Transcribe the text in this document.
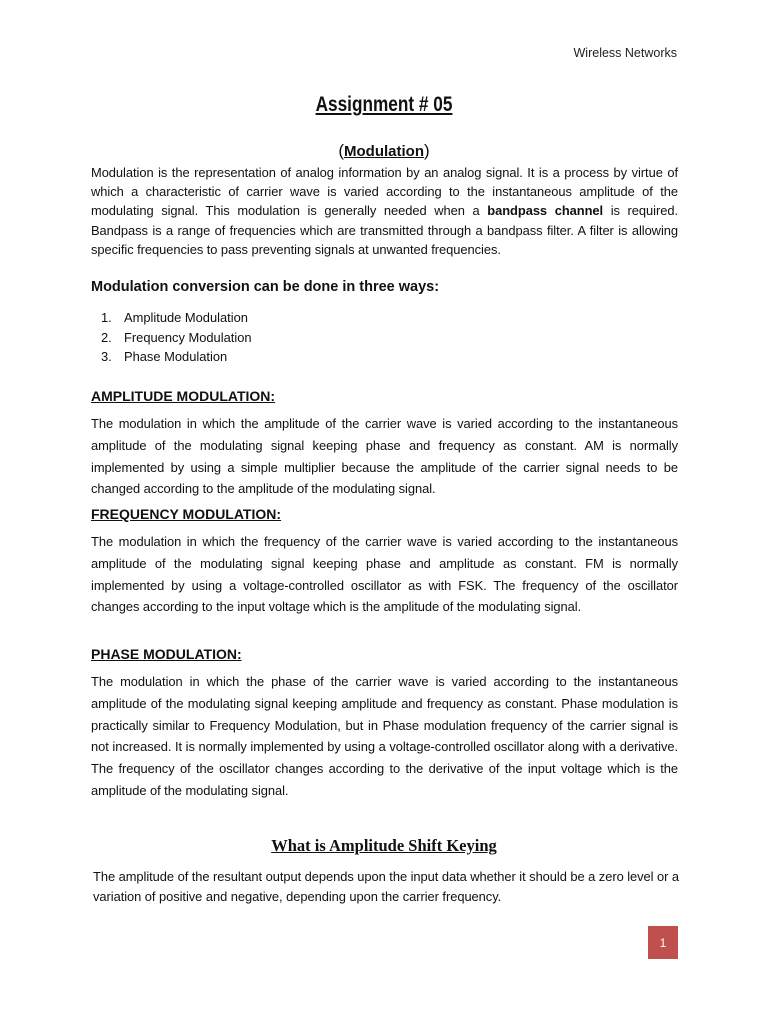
Wireless Networks
Assignment # 05
(Modulation)
Modulation is the representation of analog information by an analog signal. It is a process by virtue of which a characteristic of carrier wave is varied according to the instantaneous amplitude of the modulating signal. This modulation is generally needed when a bandpass channel is required. Bandpass is a range of frequencies which are transmitted through a bandpass filter. A filter is allowing specific frequencies to pass preventing signals at unwanted frequencies.
Modulation conversion can be done in three ways:
1. Amplitude Modulation
2. Frequency Modulation
3. Phase Modulation
AMPLITUDE MODULATION:
The modulation in which the amplitude of the carrier wave is varied according to the instantaneous amplitude of the modulating signal keeping phase and frequency as constant. AM is normally implemented by using a simple multiplier because the amplitude of the carrier signal needs to be changed according to the amplitude of the modulating signal.
FREQUENCY MODULATION:
The modulation in which the frequency of the carrier wave is varied according to the instantaneous amplitude of the modulating signal keeping phase and amplitude as constant. FM is normally implemented by using a voltage-controlled oscillator as with FSK. The frequency of the oscillator changes according to the input voltage which is the amplitude of the modulating signal.
PHASE MODULATION:
The modulation in which the phase of the carrier wave is varied according to the instantaneous amplitude of the modulating signal keeping amplitude and frequency as constant. Phase modulation is practically similar to Frequency Modulation, but in Phase modulation frequency of the carrier signal is not increased. It is normally implemented by using a voltage-controlled oscillator along with a derivative. The frequency of the oscillator changes according to the derivative of the input voltage which is the amplitude of the modulating signal.
What is Amplitude Shift Keying
The amplitude of the resultant output depends upon the input data whether it should be a zero level or a variation of positive and negative, depending upon the carrier frequency.
1
